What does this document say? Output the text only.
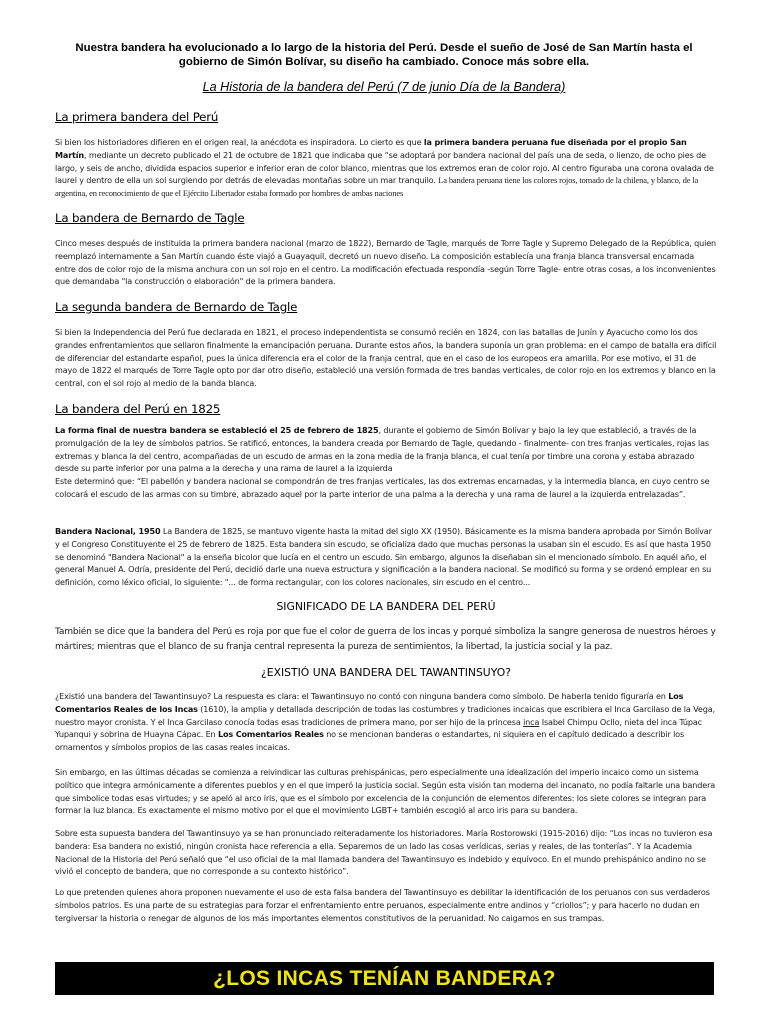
Nuestra bandera ha evolucionado a lo largo de la historia del Perú. Desde el sueño de José de San Martín hasta el gobierno de Simón Bolívar, su diseño ha cambiado. Conoce más sobre ella.
La Historia de la bandera del Perú (7 de junio Día de la Bandera)
La primera bandera del Perú
Si bien los historiadores difieren en el origen real, la anécdota es inspiradora. Lo cierto es que la primera bandera peruana fue diseñada por el propio San Martín, mediante un decreto publicado el 21 de octubre de 1821 que indicaba que “se adoptará por bandera nacional del país una de seda, o lienzo, de ocho pies de largo, y seis de ancho, dividida espacios superior e inferior eran de color blanco, mientras que los extremos eran de color rojo. Al centro figuraba una corona ovalada de laurel y dentro de ella un sol surgiendo por detrás de elevadas montañas sobre un mar tranquilo. La bandera peruana tiene los colores rojos, tomado de la chilena, y blanco, de la argentina, en reconocimiento de que el Ejército Libertador estaba formado por hombres de ambas naciones
La bandera de Bernardo de Tagle
Cinco meses después de instituida la primera bandera nacional (marzo de 1822), Bernardo de Tagle, marqués de Torre Tagle y Supremo Delegado de la República, quien reemplazó internamente a San Martín cuando éste viajó a Guayaquil, decretó un nuevo diseño. La composición establecía una franja blanca transversal encarnada entre dos de color rojo de la misma anchura con un sol rojo en el centro. La modificación efectuada respondía -según Torre Tagle- entre otras cosas, a los inconvenientes que demandaba "la construcción o elaboración" de la primera bandera.
La segunda bandera de Bernardo de Tagle
Si bien la Independencia del Perú fue declarada en 1821, el proceso independentista se consumó recién en 1824, con las batallas de Junín y Ayacucho como los dos grandes enfrentamientos que sellaron finalmente la emancipación peruana. Durante estos años, la bandera suponía un gran problema: en el campo de batalla era difícil de diferenciar del estandarte español, pues la única diferencia era el color de la franja central, que en el caso de los europeos era amarilla. Por ese motivo, el 31 de mayo de 1822 el marqués de Torre Tagle opto por dar otro diseño, estableció una versión formada de tres bandas verticales, de color rojo en los extremos y blanco en la central, con el sol rojo al medio de la banda blanca.
La bandera del Perú en 1825
La forma final de nuestra bandera se estableció el 25 de febrero de 1825, durante el gobierno de Simón Bolívar y bajo la ley que estableció, a través de la promulgación de la ley de símbolos patrios. Se ratificó, entonces, la bandera creada por Bernardo de Tagle, quedando - finalmente- con tres franjas verticales, rojas las extremas y blanca la del centro, acompañadas de un escudo de armas en la zona media de la franja blanca, el cual tenía por timbre una corona y estaba abrazado desde su parte inferior por una palma a la derecha y una rama de laurel a la izquierda
Este determinó que: “El pabellón y bandera nacional se compondrán de tres franjas verticales, las dos extremas encarnadas, y la intermedia blanca, en cuyo centro se colocará el escudo de las armas con su timbre, abrazado aquel por la parte interior de una palma a la derecha y una rama de laurel a la izquierda entrelazadas”.
Bandera Nacional, 1950 La Bandera de 1825, se mantuvo vigente hasta la mitad del siglo XX (1950). Básicamente es la misma bandera aprobada por Simón Bolívar y el Congreso Constituyente el 25 de febrero de 1825. Esta bandera sin escudo, se oficializa dado que muchas personas la usaban sin el escudo. Es así que hasta 1950 se denominó "Bandera Nacional" a la enseña bicolor que lucía en el centro un escudo. Sin embargo, algunos la diseñaban sin el mencionado símbolo. En aquél año, el general Manuel A. Odría, presidente del Perú, decidió darle una nueva estructura y significación a la bandera nacional. Se modificó su forma y se ordenó emplear en su definición, como léxico oficial, lo siguiente: "... de forma rectangular, con los colores nacionales, sin escudo en el centro...
SIGNIFICADO DE LA BANDERA DEL PERÚ
También se dice que la bandera del Perú es roja por que fue el color de guerra de los incas y porqué simboliza la sangre generosa de nuestros héroes y mártires; mientras que el blanco de su franja central representa la pureza de sentimientos, la libertad, la justicia social y la paz.
¿EXISTIÓ UNA BANDERA DEL TAWANTINSUYO?
¿Existió una bandera del Tawantinsuyo? La respuesta es clara: el Tawantinsuyo no contó con ninguna bandera como símbolo. De haberla tenido figuraría en Los Comentarios Reales de los Incas (1610), la amplia y detallada descripción de todas las costumbres y tradiciones incaicas que escribiera el Inca Garcilaso de la Vega, nuestro mayor cronista. Y el Inca Garcilaso conocía todas esas tradiciones de primera mano, por ser hijo de la princesa inca Isabel Chimpu Ocllo, nieta del inca Túpac Yupanqui y sobrina de Huayna Cápac. En Los Comentarios Reales no se mencionan banderas o estandartes, ni siquiera en el capítulo dedicado a describir los ornamentos y símbolos propios de las casas reales incaicas.
Sin embargo, en las últimas décadas se comienza a reivindicar las culturas prehispánicas, pero especialmente una idealización del imperio incaico como un sistema político que integra armónicamente a diferentes pueblos y en el que imperó la justicia social. Según esta visión tan moderna del incanato, no podía faltarle una bandera que simbolice todas esas virtudes; y se apeló al arco iris, que es el símbolo por excelencia de la conjunción de elementos diferentes: los siete colores se integran para formar la luz blanca. Es exactamente el mismo motivo por el que el movimiento LGBT+ también escogió al arco iris para su bandera.
Sobre esta supuesta bandera del Tawantinsuyo ya se han pronunciado reiteradamente los historiadores. María Rostorowski (1915-2016) dijo: “Los incas no tuvieron esa bandera: Esa bandera no existió, ningún cronista hace referencia a ella. Separemos de un lado las cosas verídicas, serias y reales, de las tonterías”. Y la Academia Nacional de la Historia del Perú señaló que “el uso oficial de la mal llamada bandera del Tawantinsuyo es indebido y equívoco. En el mundo prehispánico andino no se vivió el concepto de bandera, que no corresponde a su contexto histórico”.
Lo que pretenden quienes ahora proponen nuevamente el uso de esta falsa bandera del Tawantinsuyo es debilitar la identificación de los peruanos con sus verdaderos símbolos patrios. Es una parte de su estrategias para forzar el enfrentamiento entre peruanos, especialmente entre andinos y “criollos”; y para hacerlo no dudan en tergiversar la historia o renegar de algunos de los más importantes elementos constitutivos de la peruanidad. No caigamos en sus trampas.
¿LOS INCAS TENÍAN BANDERA?
